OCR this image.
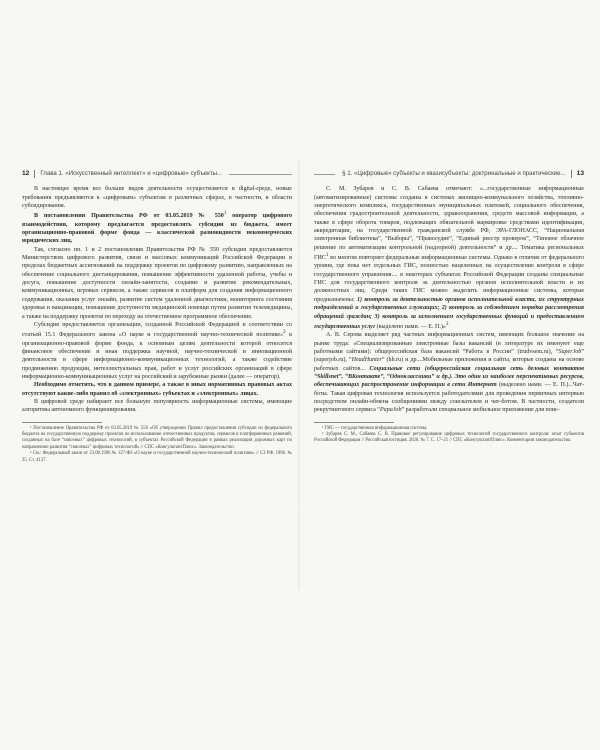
12 Глава 1. «Искусственный интеллект» и «цифровые» субъекты...

В настоящее время все больше видов деятельности осуществляется в digital-среде, новые требования предъявляются к «цифровым» субъектам в различных сферах, в частности, в области субсидирования.

В постановлении Правительства РФ от 03.05.2019 № $550^1$ оператор цифрового взаимодействия, которому предлагается предоставлять субсидии из бюджета, имеет организационно-правовой форме фонда — классической разновидности некоммерческих юридических лиц.

Так, согласно пп. 1 и 2 постановления Правительства РФ № 550 субсидия предоставляется Министерством цифрового развития, связи и массовых коммуникаций Российской Федерации в пределах бюджетных ассигнований на поддержку проектов по цифровому развитию, направленных на обеспечение социального дистанцирования, повышение эффективности удаленной работы, учебы и досуга, повышение доступности онлайн-занятости, создание и развитие рекомендательных, коммуникационных, игровых сервисов, а также сервисов и платформ для создания информационного содержания, оказания услуг онлайн, развитие систем удаленной диагностики, мониторинга состояния здоровья и вакцинации, повышение доступности медицинской помощи путем развития телемедицины, а также на поддержку проектов по переходу на отечественное программное обеспечение.

Субсидия предоставляется организации, созданной Российской Федерацией в соответствии со статьей 15.1 Федерального закона «О науке и государственной научно-технической политике»$^2$ в организационно-правовой форме фонда, к основным целям деятельности которой относятся финансовое обеспечение и иная поддержка научной, научно-технической и инновационной деятельности в сфере информационно-коммуникационных технологий, а также содействие продвижению продукции, интеллектуальных прав, работ и услуг российских организаций в сфере информационно-коммуникационных услуг на российский и зарубежные рынки (далее — оператор).

Необходимо отметить, что в данном примере, а также в иных нормативных правовых актах отсутствуют какие-либо правил об «электронных» субъектах и «электронных» лицах.

В цифровой среде набирают все большую популярность информационные системы, имеющие алгоритмы автономного функционирования.

¹ Постановление Правительства РФ от 03.05.2019 № 550 «Об утверждении Правил предоставления субсидии из федерального бюджета на государственную поддержку проектов по использованию отечественных продуктов, сервисов и платформенных решений, созданных на базе “сквозных” цифровых технологий, в субъектах Российской Федерации в рамках реализации дорожных карт по направлению развития “сквозных” цифровых технологий» // СПС «КонсультантПлюс». Законодательство.

² См.: Федеральный закон от 23.08.1996 № 127-ФЗ «О науке и государственной научно-технической политике» // СЗ РФ. 1996. № 35. Ст. 4137.

§ 1. «Цифровые» субъекты и квазисубъекты: доктринальные и практические... 13

С. М. Зубарев и С. В. Сабаева отмечают: «...государственные информационные (автоматизированные) системы созданы в системах жилищно-коммунального хозяйства, топливно-энергетического комплекса, государственных муниципальных платежей, социального обеспечения, обеспечения градостроительной деятельности, здравоохранения, средств массовой информации, а также в сфере оборота товаров, подлежащих обязательной маркировке средствами идентификации, аккредитации, на государственной гражданской службе РФ, ЭРА-ГЛОНАСС, “Национальная электронная библиотека”, “Выборы”, “Правосудие”, “Единый реестр проверок”, “Типовое облачное решение по автоматизации контрольной (надзорной) деятельности” и др.... Тематика региональных ГИС$^1$ во многом повторяет федеральные информационные системы. Однако в отличие от федерального уровня, где пока нет отдельных ГИС, полностью нацеленных на осуществление контроля в сфере государственного управления.... в некоторых субъектах Российской Федерации созданы специальные ГИС для государственного контроля за деятельностью органов исполнительной власти и их должностных лиц. Среди таких ГИС можно выделить информационные системы, которые предназначены: 1) контроль за деятельностью органов исполнительной власти, их структурных подразделений и государственных служащих; 2) контроль за соблюдением порядка рассмотрения обращений граждан; 3) контроль за исполнением государственных функций и предоставлением государственных услуг (выделено нами. — Е. П.)»$^2$

А. В. Серова выделяет ряд частных информационных систем, имеющих большое значение на рынке труда: «Специализированные электронные базы вакансий (в литературе их именуют еще работными сайтами): общероссийская база вакансий “Работа в России” (trudvsem.ru), “SuperJob” (superjob.ru), “HeadHunter” (hh.ru) и др....Мобильные приложения и сайты, которые созданы на основе работных сайтов... Социальные сети (общероссийская социальная сеть деловых контактов “Skillsnet”, “ВКонтакте”, “Одноклассники” и др.). Это один из наиболее перспективных ресурсов, обеспечивающих распространение информации в сети Интернет (выделено нами. — Е. П.)...Чат-боты. Такая цифровая технология используется работодателями для проведения первичных интервью посредством онлайн-обмена сообщениями между соискателем и чат-ботом. В частности, создатели рекрутингового сервиса “PapaJob” разработали специальное мобильное приложение для поис-

¹ ГИС — государственная информационная система.

² Зубарев С. М., Сабаева С. В. Правовое регулирование цифровых технологий государственного контроля: опыт субъектов Российской Федерации // Российская юстиция. 2020. № 7. С. 17–21 // СПС «КонсультантПлюс». Комментарии законодательства.
